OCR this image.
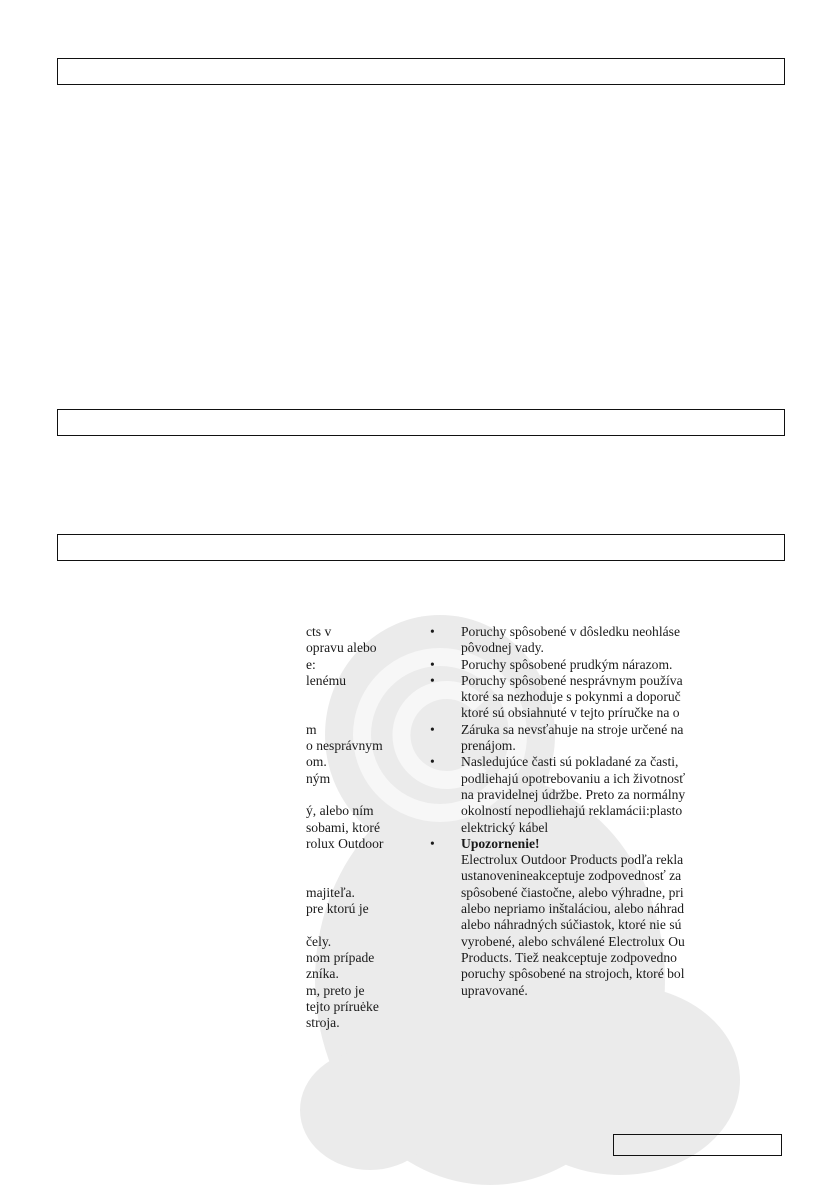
cts v
opravu alebo
e:
lenému
m
o nesprávnym
om.
ným
ý, alebo ním
sobami, ktoré
rolux Outdoor
majiteľa.
pre ktorú je
čely.
nom prípade
zníka.
m, preto je
tejto príruėke
stroja.
• Poruchy spôsobené v dôsledku neohláse
pôvodnej vady.
• Poruchy spôsobené prudkým nárazom.
• Poruchy spôsobené nesprávnym používa
ktoré sa nezhoduje s pokynmi a doporuč
ktoré sú obsiahnuté v tejto príručke na o
• Záruka sa nevsťahuje na stroje určené na
prenájom.
• Nasledujúce časti sú pokladané za časti,
podliehajú opotrebovaniu a ich životnosť
na pravidelnej údržbe. Preto za normálny
okolností nepodliehajú reklamácii:plasto
elektrický kábel
• Upozornenie!
Electrolux Outdoor Products podľa rekla
ustanovenineakceptuje zodpovednosť za
spôsobené čiastočne, alebo výhradne, pri
alebo nepriamo inštaláciou, alebo náhrad
alebo náhradných súčiastok, ktoré nie sú
vyrobené, alebo schválené Electrolux Ou
Products. Tiež neakceptuje zodpovedno
poruchy spôsobené na strojoch, ktoré bol
upravované.
